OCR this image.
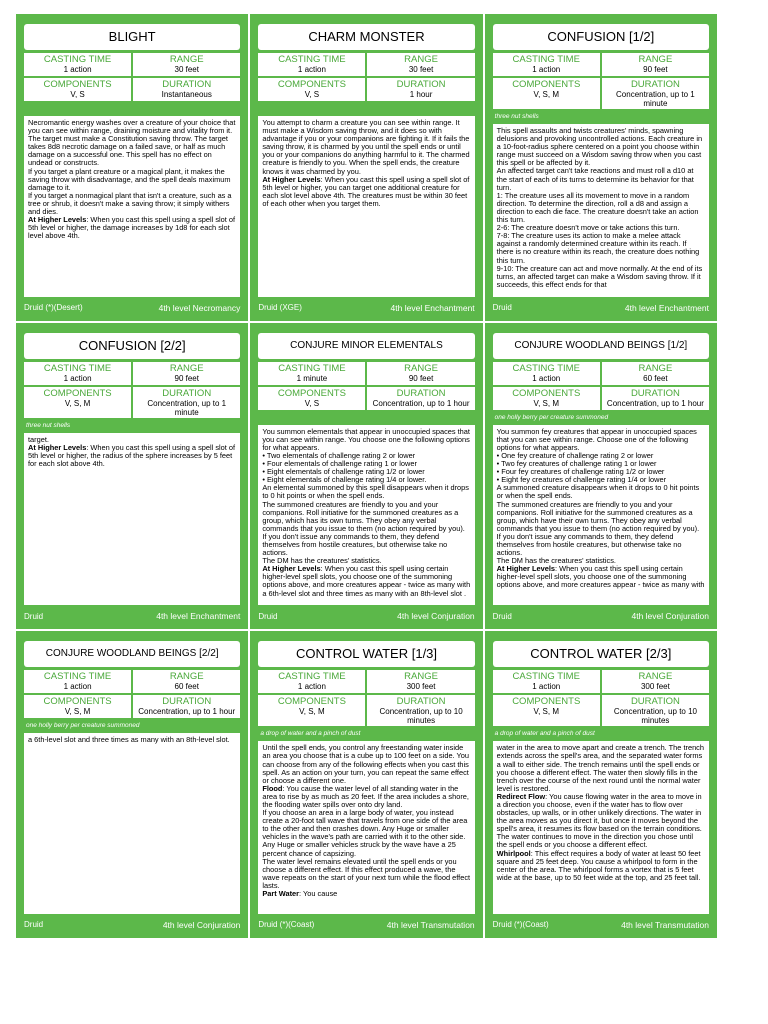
BLIGHT
CASTING TIME
1 action
RANGE
30 feet
COMPONENTS
V, S
DURATION
Instantaneous

Necromantic energy washes over a creature of your choice that you can see within range, draining moisture and vitality from it. The target must make a Constitution saving throw. The target takes 8d8 necrotic damage on a failed save, or half as much damage on a successful one. This spell has no effect on undead or constructs.

If you target a plant creature or a magical plant, it makes the saving throw with disadvantage, and the spell deals maximum damage to it.

If you target a nonmagical plant that isn't a creature, such as a tree or shrub, it doesn't make a saving throw; it simply withers and dies.

At Higher Levels: When you cast this spell using a spell slot of 5th level or higher, the damage increases by 1d8 for each slot level above 4th.

Druid (*)(Desert)	4th level Necromancy
CHARM MONSTER
CASTING TIME
1 action
RANGE
30 feet
COMPONENTS
V, S
DURATION
1 hour

You attempt to charm a creature you can see within range. It must make a Wisdom saving throw, and it does so with advantage if you or your companions are fighting it. If it fails the saving throw, it is charmed by you until the spell ends or until you or your companions do anything harmful to it. The charmed creature is friendly to you. When the spell ends, the creature knows it was charmed by you.

At Higher Levels: When you cast this spell using a spell slot of 5th level or higher, you can target one additional creature for each slot level above 4th. The creatures must be within 30 feet of each other when you target them.

Druid (XGE)	4th level Enchantment
CONFUSION [1/2]
CASTING TIME
1 action
RANGE
90 feet
COMPONENTS
V, S, M
DURATION
Concentration, up to 1 minute
three nut shells

This spell assaults and twists creatures' minds, spawning delusions and provoking uncontrolled actions. Each creature in a 10-foot-radius sphere centered on a point you choose within range must succeed on a Wisdom saving throw when you cast this spell or be affected by it.

An affected target can't take reactions and must roll a d10 at the start of each of its turns to determine its behavior for that turn.

1: The creature uses all its movement to move in a random direction. To determine the direction, roll a d8 and assign a direction to each die face. The creature doesn't take an action this turn.

2-6: The creature doesn't move or take actions this turn.

7-8: The creature uses its action to make a melee attack against a randomly determined creature within its reach. If there is no creature within its reach, the creature does nothing this turn.

9-10: The creature can act and move normally. At the end of its turns, an affected target can make a Wisdom saving throw. If it succeeds, this effect ends for that

Druid	4th level Enchantment
CONFUSION [2/2]
CASTING TIME
1 action
RANGE
90 feet
COMPONENTS
V, S, M
DURATION
Concentration, up to 1 minute
three nut shells

target.

At Higher Levels: When you cast this spell using a spell slot of 5th level or higher, the radius of the sphere increases by 5 feet for each slot above 4th.

Druid	4th level Enchantment
CONJURE MINOR ELEMENTALS
CASTING TIME
1 minute
RANGE
90 feet
COMPONENTS
V, S
DURATION
Concentration, up to 1 hour

You summon elementals that appear in unoccupied spaces that you can see within range. You choose one the following options for what appears.

• Two elementals of challenge rating 2 or lower

• Four elementals of challenge rating 1 or lower

• Eight elementals of challenge rating 1/2 or lower

• Eight elementals of challenge rating 1/4 or lower.

An elemental summoned by this spell disappears when it drops to 0 hit points or when the spell ends.

The summoned creatures are friendly to you and your companions. Roll initiative for the summoned creatures as a group, which has its own turns. They obey any verbal commands that you issue to them (no action required by you). If you don't issue any commands to them, they defend themselves from hostile creatures, but otherwise take no actions.

The DM has the creatures' statistics.

At Higher Levels: When you cast this spell using certain higher-level spell slots, you choose one of the summoning options above, and more creatures appear - twice as many with a 6th-level slot and three times as many with an 8th-level slot .

Druid	4th level Conjuration
CONJURE WOODLAND BEINGS [1/2]
CASTING TIME
1 action
RANGE
60 feet
COMPONENTS
V, S, M
DURATION
Concentration, up to 1 hour
one holly berry per creature summoned

You summon fey creatures that appear in unoccupied spaces that you can see within range. Choose one of the following options for what appears.

• One fey creature of challenge rating 2 or lower

• Two fey creatures of challenge rating 1 or lower

• Four fey creatures of challenge rating 1/2 or lower

• Eight fey creatures of challenge rating 1/4 or lower

A summoned creature disappears when it drops to 0 hit points or when the spell ends.

The summoned creatures are friendly to you and your companions. Roll initiative for the summoned creatures as a group, which have their own turns. They obey any verbal commands that you issue to them (no action required by you). If you don't issue any commands to them, they defend themselves from hostile creatures, but otherwise take no actions.

The DM has the creatures' statistics.

At Higher Levels: When you cast this spell using certain higher-level spell slots, you choose one of the summoning options above, and more creatures appear - twice as many with

Druid	4th level Conjuration
CONJURE WOODLAND BEINGS [2/2]
CASTING TIME
1 action
RANGE
60 feet
COMPONENTS
V, S, M
DURATION
Concentration, up to 1 hour
one holly berry per creature summoned

a 6th-level slot and three times as many with an 8th-level slot.

Druid	4th level Conjuration
CONTROL WATER [1/3]
CASTING TIME
1 action
RANGE
300 feet
COMPONENTS
V, S, M
DURATION
Concentration, up to 10 minutes
a drop of water and a pinch of dust

Until the spell ends, you control any freestanding water inside an area you choose that is a cube up to 100 feet on a side. You can choose from any of the following effects when you cast this spell. As an action on your turn, you can repeat the same effect or choose a different one.

Flood: You cause the water level of all standing water in the area to rise by as much as 20 feet. If the area includes a shore, the flooding water spills over onto dry land.

If you choose an area in a large body of water, you instead create a 20-foot tall wave that travels from one side of the area to the other and then crashes down. Any Huge or smaller vehicles in the wave's path are carried with it to the other side. Any Huge or smaller vehicles struck by the wave have a 25 percent chance of capsizing.

The water level remains elevated until the spell ends or you choose a different effect. If this effect produced a wave, the wave repeats on the start of your next turn while the flood effect lasts.

Part Water: You cause

Druid (*)(Coast)	4th level Transmutation
CONTROL WATER [2/3]
CASTING TIME
1 action
RANGE
300 feet
COMPONENTS
V, S, M
DURATION
Concentration, up to 10 minutes
a drop of water and a pinch of dust

water in the area to move apart and create a trench. The trench extends across the spell's area, and the separated water forms a wall to either side. The trench remains until the spell ends or you choose a different effect. The water then slowly fills in the trench over the course of the next round until the normal water level is restored.

Redirect Flow: You cause flowing water in the area to move in a direction you choose, even if the water has to flow over obstacles, up walls, or in other unlikely directions. The water in the area moves as you direct it, but once it moves beyond the spell's area, it resumes its flow based on the terrain conditions. The water continues to move in the direction you chose until the spell ends or you choose a different effect.

Whirlpool: This effect requires a body of water at least 50 feet square and 25 feet deep. You cause a whirlpool to form in the center of the area. The whirlpool forms a vortex that is 5 feet wide at the base, up to 50 feet wide at the top, and 25 feet tall.

Druid (*)(Coast)	4th level Transmutation
